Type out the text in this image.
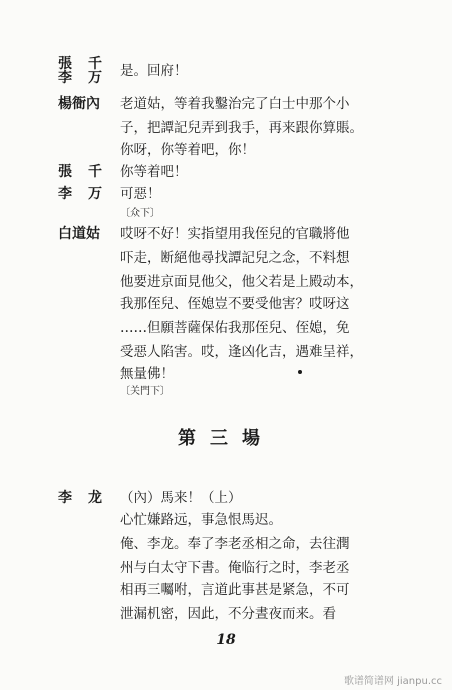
張　千
李　万	是。回府！
楊衙內	老道姑，等着我鑿治完了白士中那个小
子，把譚記兒弄到我手，再来跟你算賬。
你呀，你等着吧，你！
張　千	你等着吧！
李　万	可惡！
〔众下〕
白道姑	哎呀不好！实指望用我侄兒的官職將他
吓走，断絕他尋找譚記兒之念，不料想
他要进京面見他父，他父若是上殿动本，
我那侄兒、侄媳豈不要受他害？哎呀这
……但願菩薩保佑我那侄兒、侄媳，免
受惡人陷害。哎，逢凶化吉，遇难呈祥，
無量佛！
〔关門下〕
第三場
李　龙	（內）馬来！（上）
心忙嫌路远，事急恨馬迟。
俺、李龙。奉了李老丞相之命，去往潤
州与白太守下書。俺临行之时，李老丞
相再三囑咐，言道此事甚是紧急，不可
泄漏机密，因此，不分晝夜而来。看
18
歌谱简谱网 jianpu.cc
